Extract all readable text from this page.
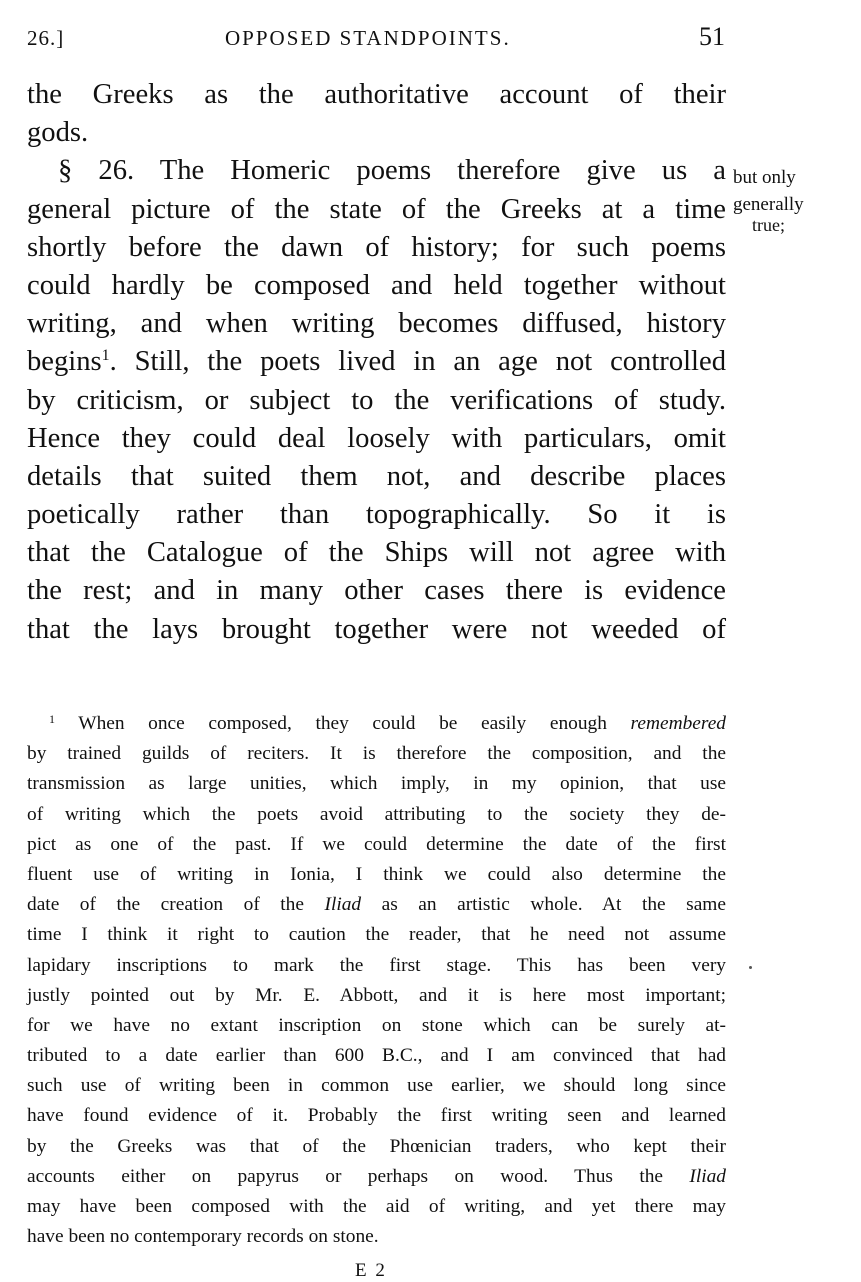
26.]	OPPOSED STANDPOINTS.	51
the Greeks as the authoritative account of their
gods.
§ 26. The Homeric poems therefore give us a
general picture of the state of the Greeks at a time
shortly before the dawn of history; for such poems
could hardly be composed and held together without
writing, and when writing becomes diffused, history
begins$^1$. Still, the poets lived in an age not controlled
by criticism, or subject to the verifications of study.
Hence they could deal loosely with particulars, omit
details that suited them not, and describe places
poetically rather than topographically. So it is
that the Catalogue of the Ships will not agree with
the rest; and in many other cases there is evidence
that the lays brought together were not weeded of
but only
generally
true;
$^1$ When once composed, they could be easily enough remembered
by trained guilds of reciters. It is therefore the composition, and the
transmission as large unities, which imply, in my opinion, that use
of writing which the poets avoid attributing to the society they de-
pict as one of the past. If we could determine the date of the first
fluent use of writing in Ionia, I think we could also determine the
date of the creation of the Iliad as an artistic whole. At the same
time I think it right to caution the reader, that he need not assume
lapidary inscriptions to mark the first stage. This has been very
justly pointed out by Mr. E. Abbott, and it is here most important;
for we have no extant inscription on stone which can be surely at-
tributed to a date earlier than 600 B.C., and I am convinced that had
such use of writing been in common use earlier, we should long since
have found evidence of it. Probably the first writing seen and learned
by the Greeks was that of the Phœnician traders, who kept their
accounts either on papyrus or perhaps on wood. Thus the Iliad
may have been composed with the aid of writing, and yet there may
have been no contemporary records on stone.
E 2
